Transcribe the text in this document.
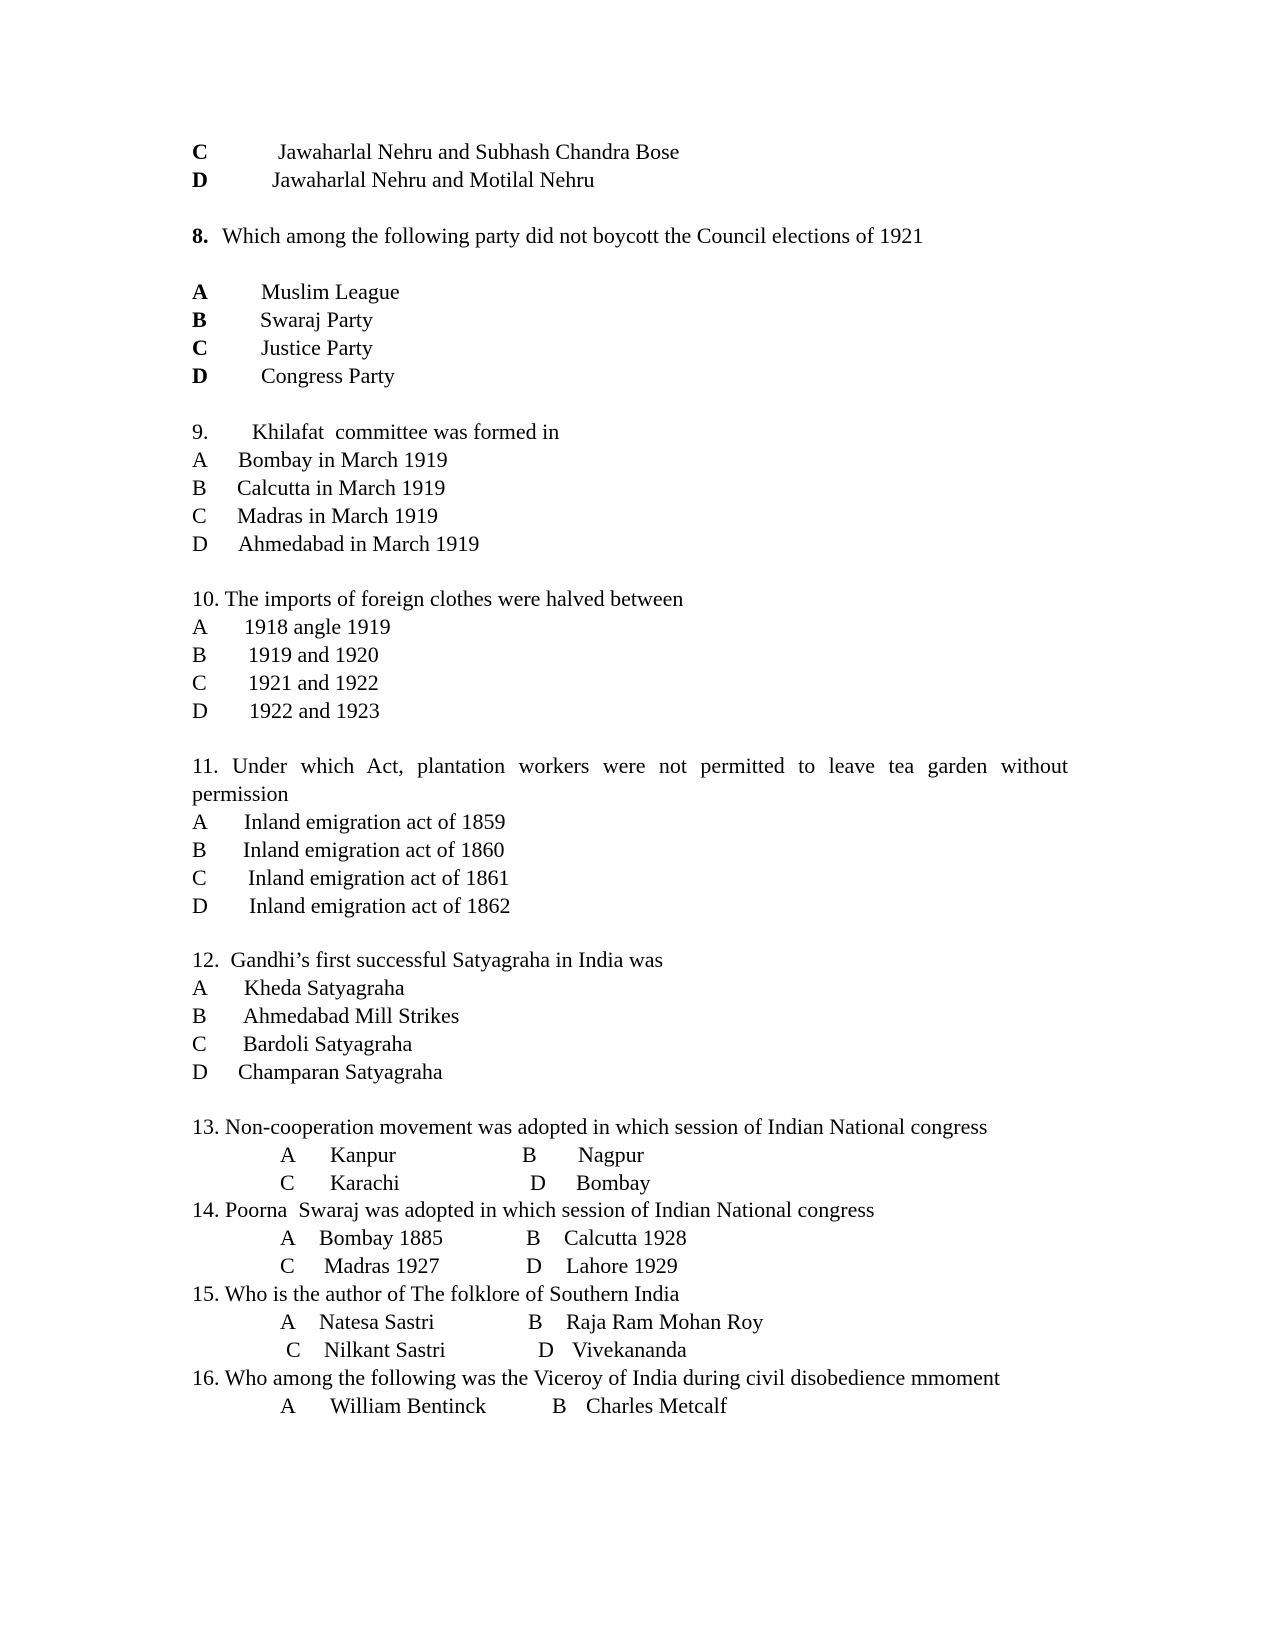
C	Jawaharlal Nehru and Subhash Chandra Bose
D	Jawaharlal Nehru and Motilal Nehru
8. Which among the following party did not boycott the Council elections of 1921
A Muslim League
B Swaraj Party
C Justice Party
D Congress Party
9. Khilafat  committee was formed in
A Bombay in March 1919
B Calcutta in March 1919
C Madras in March 1919
D Ahmedabad in March 1919
10. The imports of foreign clothes were halved between
A 1918 angle 1919
B 1919 and 1920
C 1921 and 1922
D 1922 and 1923
11. Under which Act, plantation workers were not permitted to leave tea garden without
permission
A Inland emigration act of 1859
B Inland emigration act of 1860
C Inland emigration act of 1861
D Inland emigration act of 1862
12.  Gandhi’s first successful Satyagraha in India was
A Kheda Satyagraha
B Ahmedabad Mill Strikes
C Bardoli Satyagraha
D Champaran Satyagraha
13. Non-cooperation movement was adopted in which session of Indian National congress
A Kanpur	B Nagpur
C Karachi	D Bombay
14. Poorna  Swaraj was adopted in which session of Indian National congress
A Bombay 1885	B Calcutta 1928
C Madras 1927	D Lahore 1929
15. Who is the author of The folklore of Southern India
A Natesa Sastri	B Raja Ram Mohan Roy
C Nilkant Sastri	D Vivekananda
16. Who among the following was the Viceroy of India during civil disobedience mmoment
A William Bentinck	B Charles Metcalf
